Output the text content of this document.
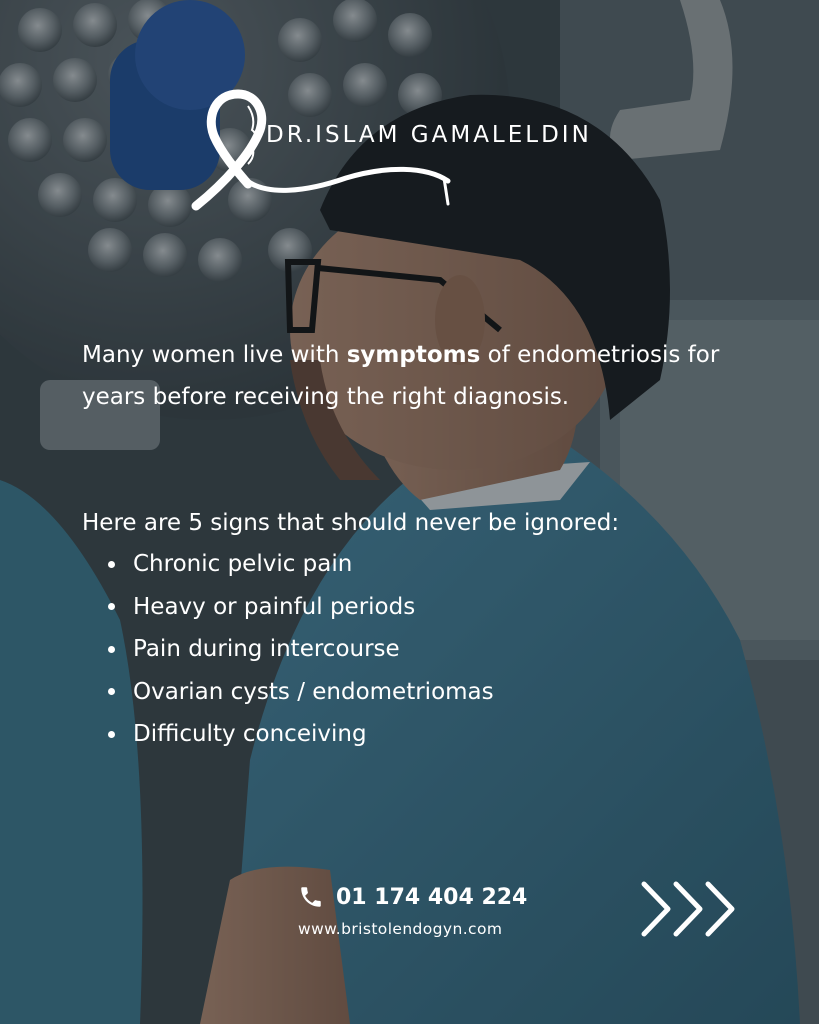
DR.ISLAM GAMALELDIN
Many women live with symptoms of endometriosis for years before receiving the right diagnosis.
Here are 5 signs that should never be ignored:
Chronic pelvic pain
Heavy or painful periods
Pain during intercourse
Ovarian cysts / endometriomas
Difficulty conceiving
01 174 404 224
www.bristolendogyn.com
